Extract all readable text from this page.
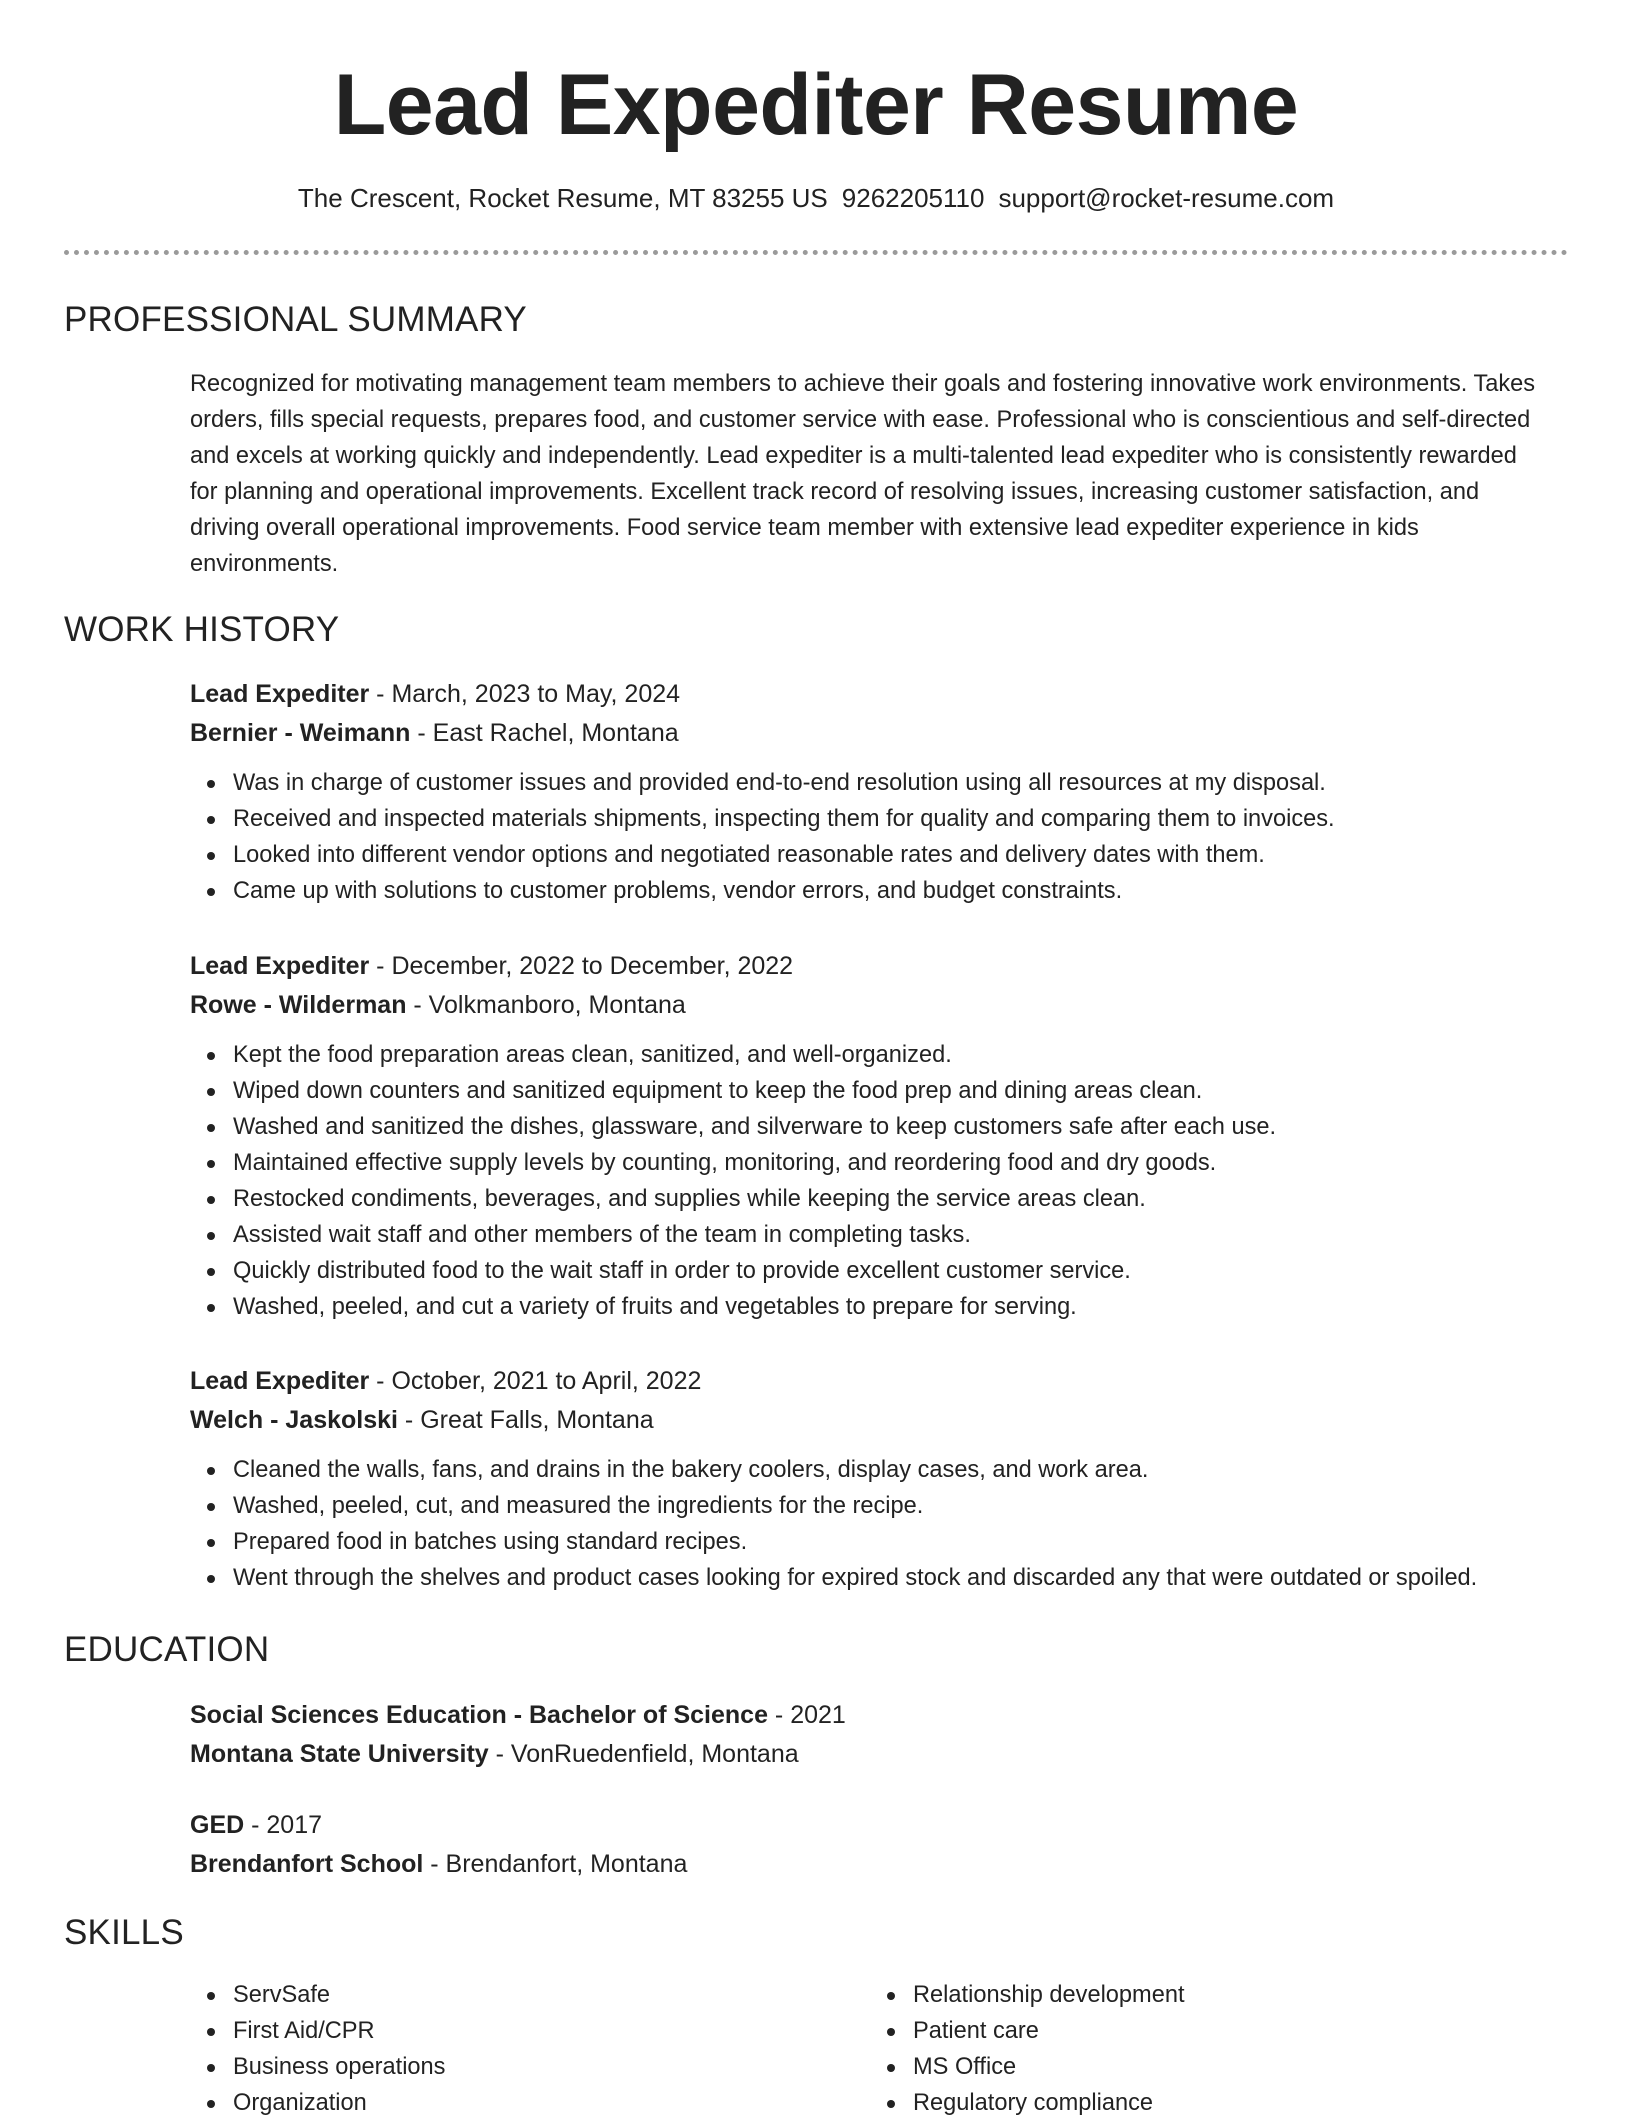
Lead Expediter Resume
The Crescent, Rocket Resume, MT 83255 US 9262205110 support@rocket-resume.com
PROFESSIONAL SUMMARY

Recognized for motivating management team members to achieve their goals and fostering innovative work environments. Takes orders, fills special requests, prepares food, and customer service with ease. Professional who is conscientious and self-directed and excels at working quickly and independently. Lead expediter is a multi-talented lead expediter who is consistently rewarded for planning and operational improvements. Excellent track record of resolving issues, increasing customer satisfaction, and driving overall operational improvements. Food service team member with extensive lead expediter experience in kids environments.

WORK HISTORY

Lead Expediter - March, 2023 to May, 2024

Bernier - Weimann - East Rachel, Montana

Was in charge of customer issues and provided end-to-end resolution using all resources at my disposal.
Received and inspected materials shipments, inspecting them for quality and comparing them to invoices.
Looked into different vendor options and negotiated reasonable rates and delivery dates with them.
Came up with solutions to customer problems, vendor errors, and budget constraints.

Lead Expediter - December, 2022 to December, 2022

Rowe - Wilderman - Volkmanboro, Montana

Kept the food preparation areas clean, sanitized, and well-organized.
Wiped down counters and sanitized equipment to keep the food prep and dining areas clean.
Washed and sanitized the dishes, glassware, and silverware to keep customers safe after each use.
Maintained effective supply levels by counting, monitoring, and reordering food and dry goods.
Restocked condiments, beverages, and supplies while keeping the service areas clean.
Assisted wait staff and other members of the team in completing tasks.
Quickly distributed food to the wait staff in order to provide excellent customer service.
Washed, peeled, and cut a variety of fruits and vegetables to prepare for serving.

Lead Expediter - October, 2021 to April, 2022

Welch - Jaskolski - Great Falls, Montana

Cleaned the walls, fans, and drains in the bakery coolers, display cases, and work area.
Washed, peeled, cut, and measured the ingredients for the recipe.
Prepared food in batches using standard recipes.
Went through the shelves and product cases looking for expired stock and discarded any that were outdated or spoiled.
EDUCATION

Social Sciences Education - Bachelor of Science - 2021

Montana State University - VonRuedenfield, Montana

GED - 2017

Brendanfort School - Brendanfort, Montana

SKILLS
ServSafe
First Aid/CPR
Business operations
Organization
Relationship development
Patient care
MS Office
Regulatory compliance
